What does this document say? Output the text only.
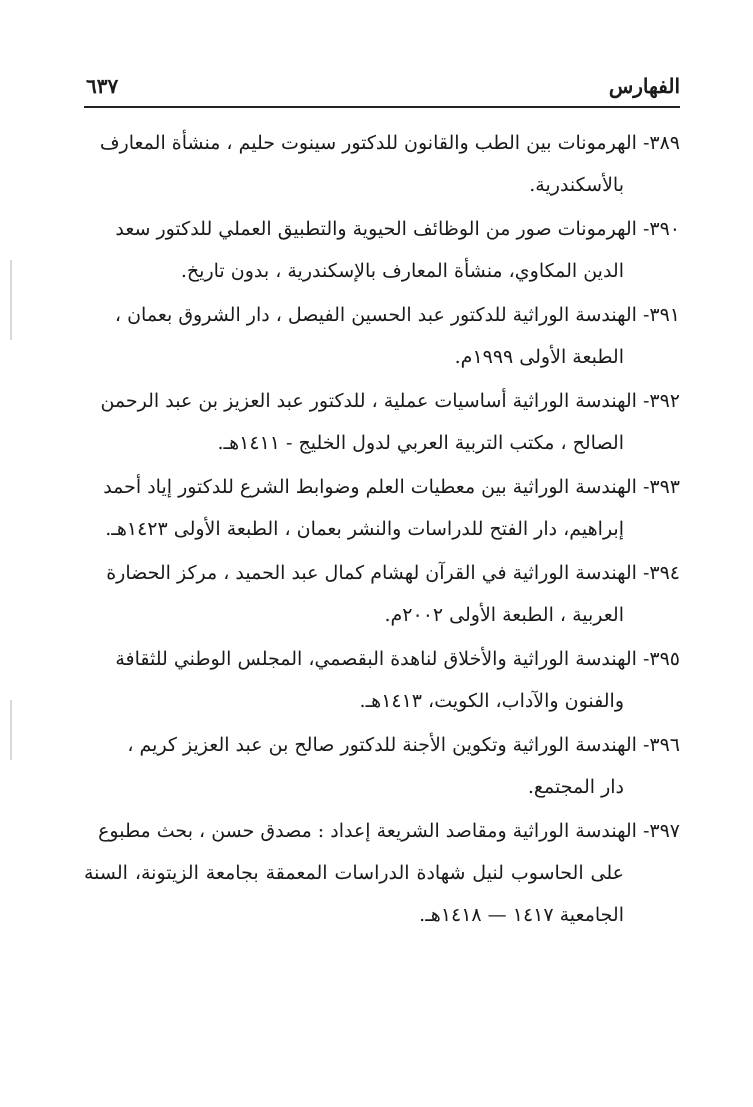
الفهارس
٦٣٧
٣٨٩- الهرمونات بين الطب والقانون للدكتور سينوت حليم ، منشأة المعارف
بالأسكندرية.
٣٩٠- الهرمونات صور من الوظائف الحيوية والتطبيق العملي للدكتور سعد
الدين المكاوي، منشأة المعارف بالإسكندرية ، بدون تاريخ.
٣٩١- الهندسة الوراثية للدكتور عبد الحسين الفيصل ، دار الشروق بعمان ،
الطبعة الأولى ١٩٩٩م.
٣٩٢- الهندسة الوراثية أساسيات عملية ، للدكتور عبد العزيز بن عبد الرحمن
الصالح ، مكتب التربية العربي لدول الخليج - ١٤١١هـ.
٣٩٣- الهندسة الوراثية بين معطيات العلم وضوابط الشرع للدكتور إياد أحمد
إبراهيم، دار الفتح للدراسات والنشر بعمان ، الطبعة الأولى ١٤٢٣هـ.
٣٩٤- الهندسة الوراثية في القرآن لهشام كمال عبد الحميد ، مركز الحضارة
العربية ، الطبعة الأولى ٢٠٠٢م.
٣٩٥- الهندسة الوراثية والأخلاق لناهدة البقصمي، المجلس الوطني للثقافة
والفنون والآداب، الكويت، ١٤١٣هـ.
٣٩٦- الهندسة الوراثية وتكوين الأجنة للدكتور صالح بن عبد العزيز كريم ،
دار المجتمع.
٣٩٧- الهندسة الوراثية ومقاصد الشريعة إعداد : مصدق حسن ، بحث مطبوع
على الحاسوب لنيل شهادة الدراسات المعمقة بجامعة الزيتونة، السنة الجامعية ١٤١٧ — ١٤١٨هـ.
